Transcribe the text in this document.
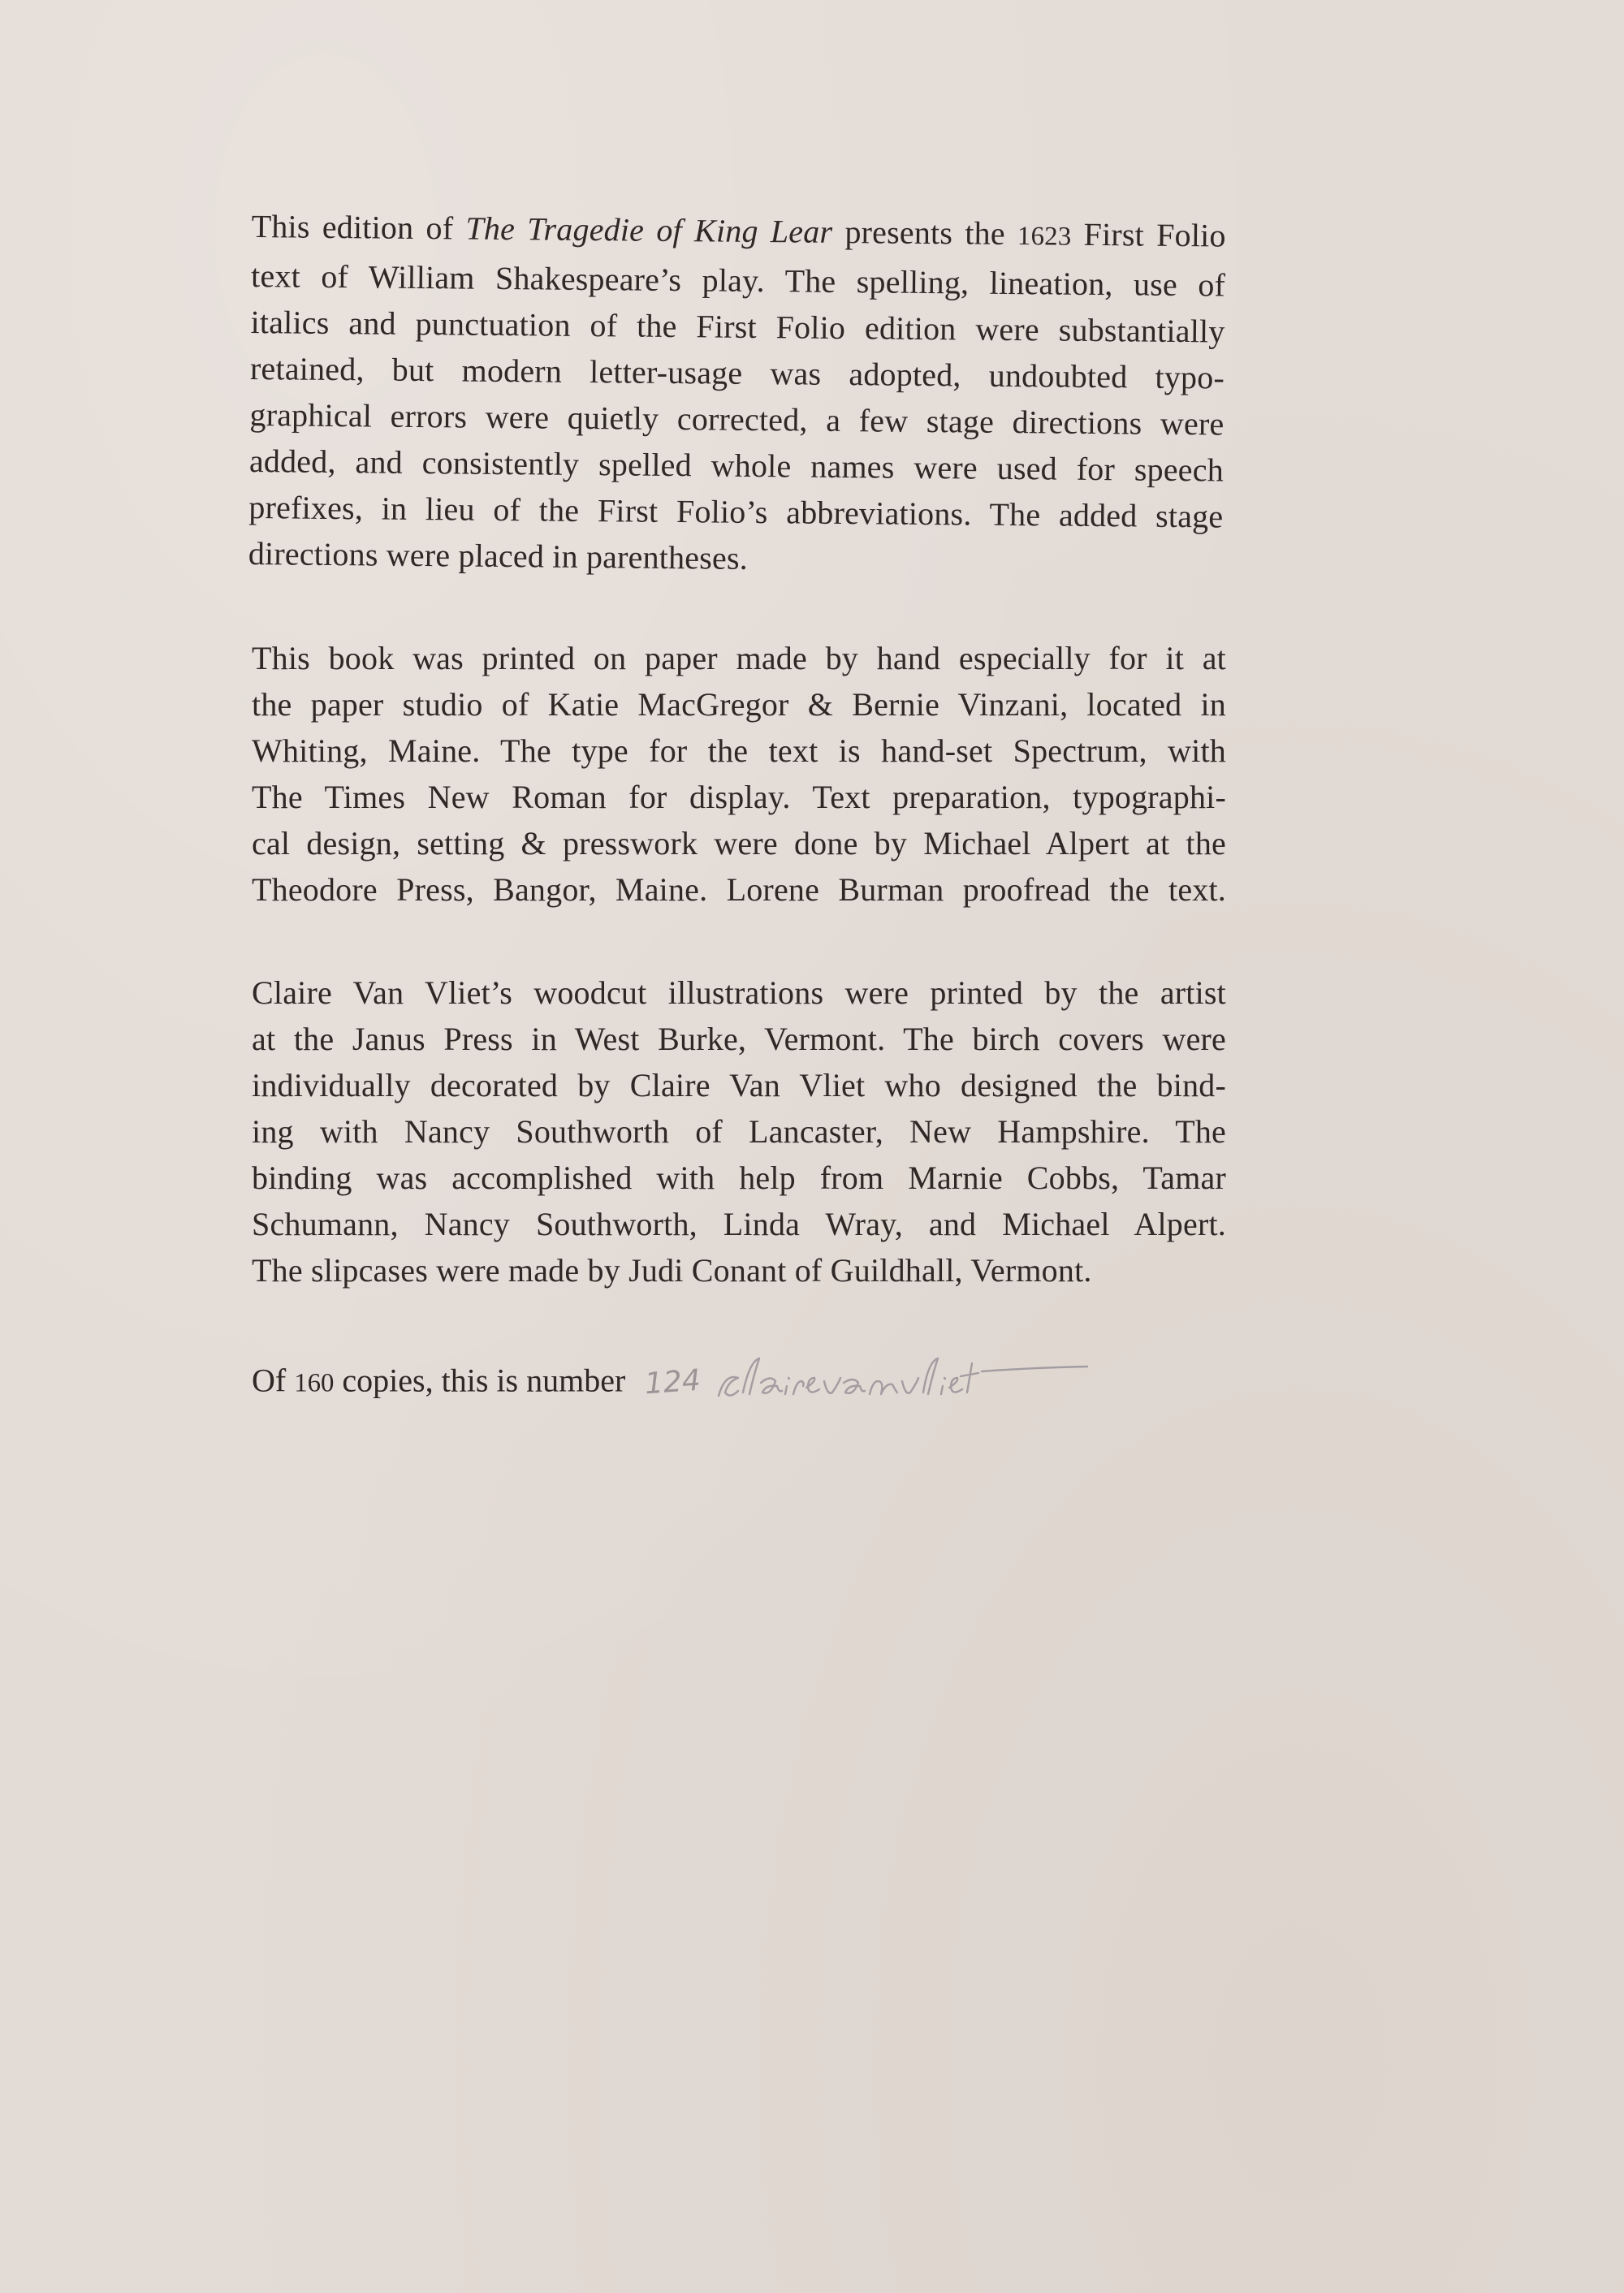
This edition of The Tragedie of King Lear presents the 1623 First Folio
text of William Shakespeare’s play. The spelling, lineation, use of
italics and punctuation of the First Folio edition were substantially
retained, but modern letter-usage was adopted, undoubted typo-
graphical errors were quietly corrected, a few stage directions were
added, and consistently spelled whole names were used for speech
prefixes, in lieu of the First Folio’s abbreviations. The added stage
directions were placed in parentheses.

This book was printed on paper made by hand especially for it at
the paper studio of Katie MacGregor & Bernie Vinzani, located in
Whiting, Maine. The type for the text is hand-set Spectrum, with
The Times New Roman for display. Text preparation, typographi-
cal design, setting & presswork were done by Michael Alpert at the
Theodore Press, Bangor, Maine. Lorene Burman proofread the text.

Claire Van Vliet’s woodcut illustrations were printed by the artist
at the Janus Press in West Burke, Vermont. The birch covers were
individually decorated by Claire Van Vliet who designed the bind-
ing with Nancy Southworth of Lancaster, New Hampshire. The
binding was accomplished with help from Marnie Cobbs, Tamar
Schumann, Nancy Southworth, Linda Wray, and Michael Alpert.
The slipcases were made by Judi Conant of Guildhall, Vermont.

Of 160 copies, this is number 124
